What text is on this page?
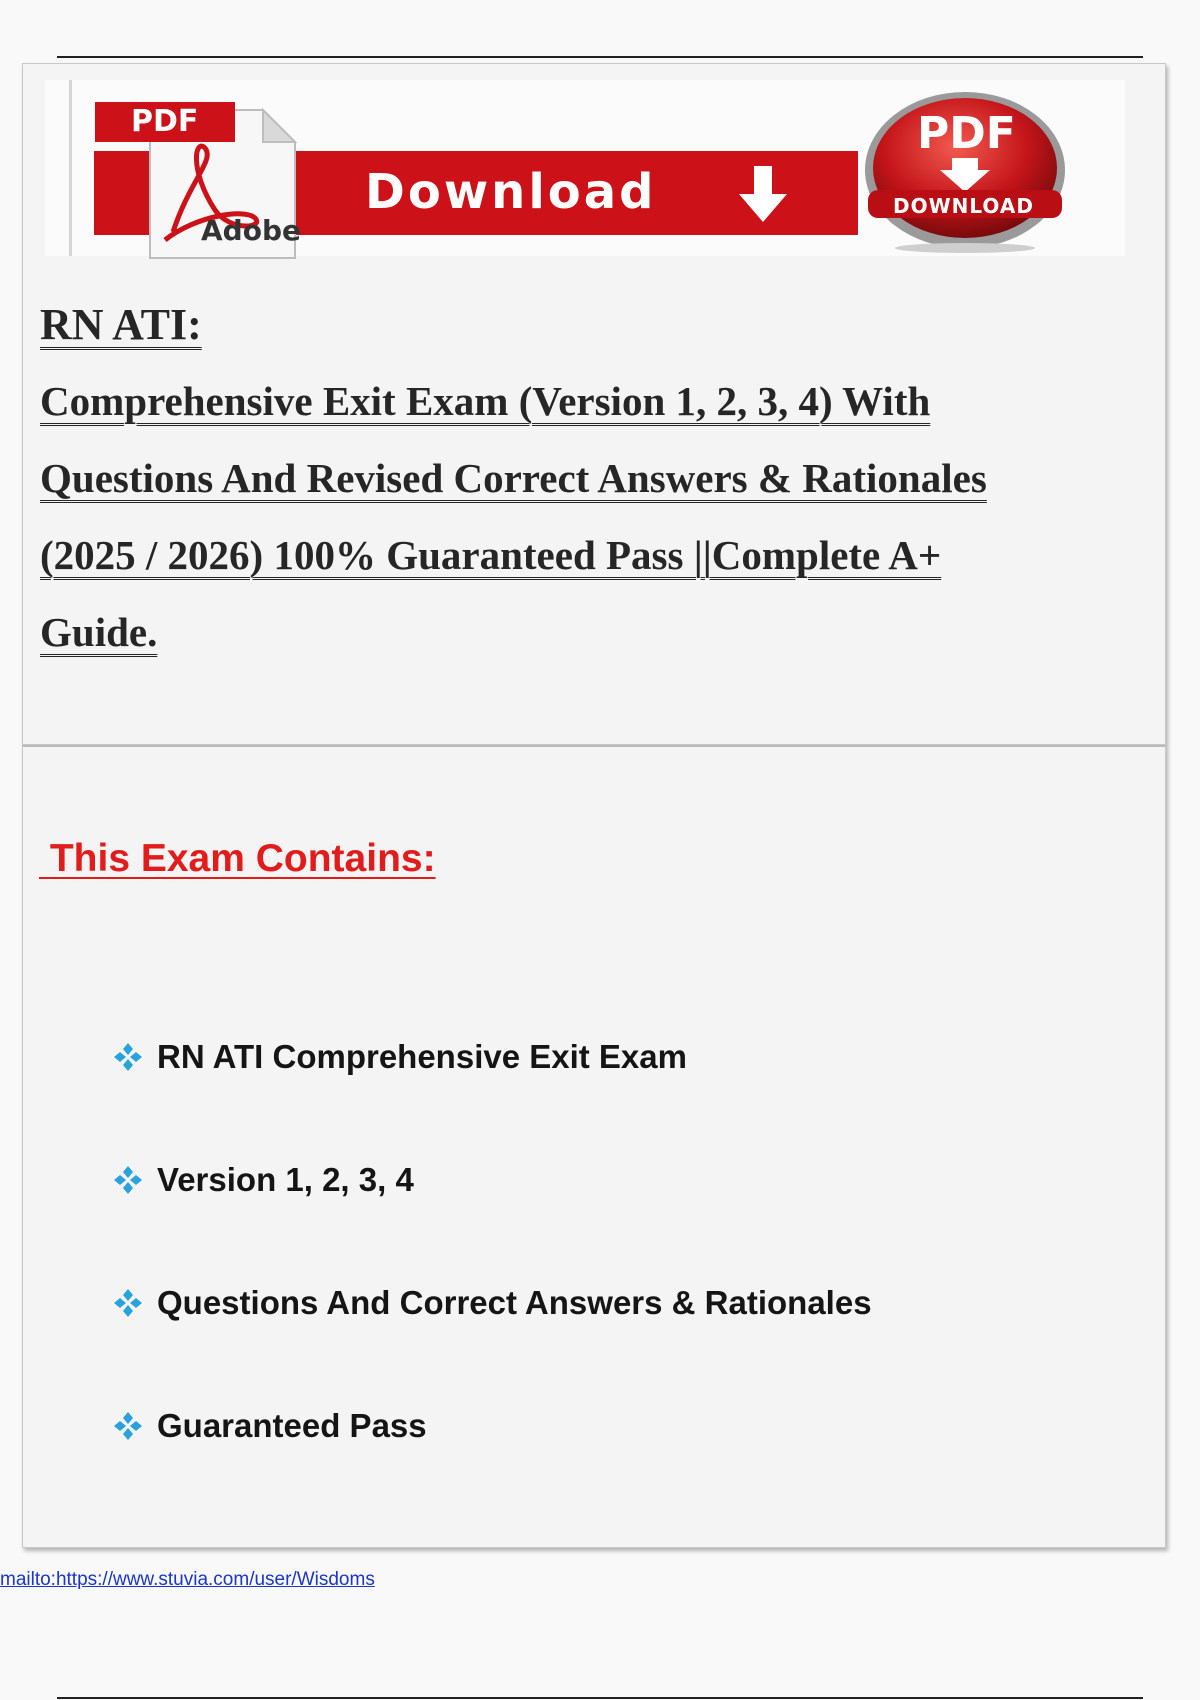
Download
PDF
Adobe
PDF
DOWNLOAD
RN ATI:
Comprehensive Exit Exam (Version 1, 2, 3, 4) With
Questions And Revised Correct Answers & Rationales
(2025 / 2026) 100% Guaranteed Pass ||Complete A+
Guide.
This Exam Contains:
RN ATI Comprehensive Exit Exam
Version 1, 2, 3, 4
Questions And Correct Answers & Rationales
Guaranteed Pass
mailto:https://www.stuvia.com/user/Wisdoms
